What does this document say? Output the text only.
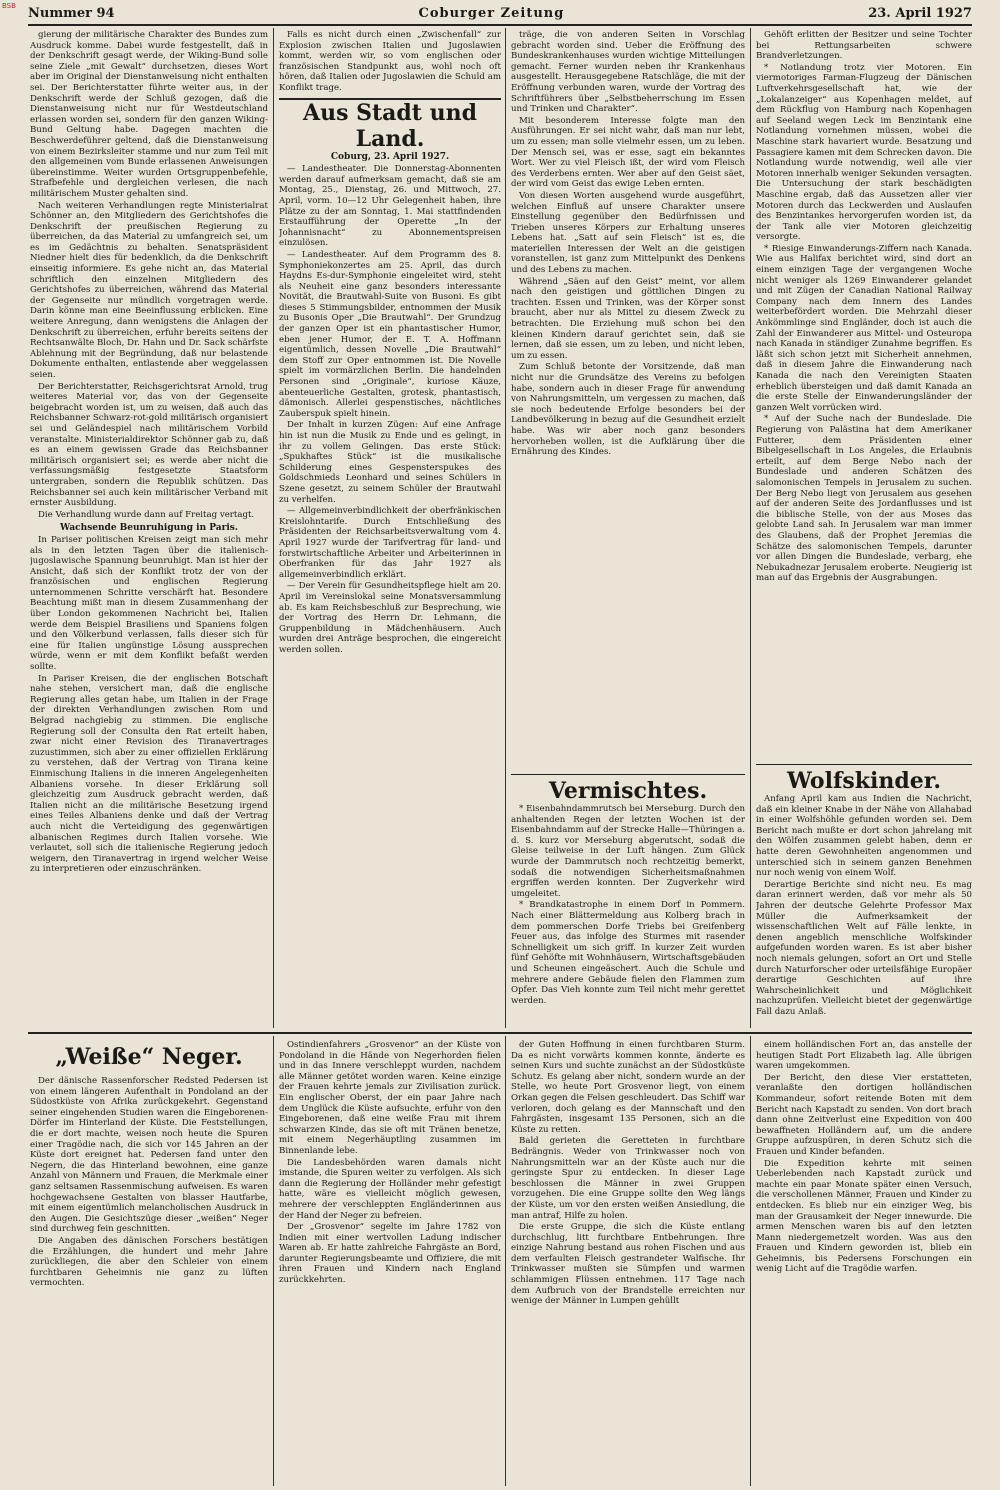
BSB Nummer 94	Coburger Zeitung	23. April 1927

gierung der militärische Charakter des Bundes zum Ausdruck komme. Dabei wurde festgestellt, daß in der Denkschrift gesagt werde, der Wiking-Bund solle seine Ziele „mit Gewalt“ durchsetzen, dieses Wort aber im Original der Dienstanweisung nicht enthalten sei. Der Berichterstatter führte weiter aus, in der Denkschrift werde der Schluß gezogen, daß die Dienstanweisung nicht nur für Westdeutschland erlassen worden sei, sondern für den ganzen Wiking-Bund Geltung habe. Dagegen machten die Beschwerdeführer geltend, daß die Dienstanweisung von einem Bezirksleiter stamme und nur zum Teil mit den allgemeinen vom Bunde erlassenen Anweisungen übereinstimme. Weiter wurden Ortsgruppenbefehle, Strafbefehle und dergleichen verlesen, die nach militärischem Muster gehalten sind.

Nach weiteren Verhandlungen regte Ministerialrat Schönner an, den Mitgliedern des Gerichtshofes die Denkschrift der preußischen Regierung zu überreichen, da das Material zu umfangreich sei, um es im Gedächtnis zu behalten. Senatspräsident Niedner hielt dies für bedenklich, da die Denkschrift einseitig informiere. Es gehe nicht an, das Material schriftlich den einzelnen Mitgliedern des Gerichtshofes zu überreichen, während das Material der Gegenseite nur mündlich vorgetragen werde. Darin könne man eine Beeinflussung erblicken. Eine weitere Anregung, dann wenigstens die Anlagen der Denkschrift zu überreichen, erfuhr bereits seitens der Rechtsanwälte Bloch, Dr. Hahn und Dr. Sack schärfste Ablehnung mit der Begründung, daß nur belastende Dokumente enthalten, entlastende aber weggelassen seien.

Der Berichterstatter, Reichsgerichtsrat Arnold, trug weiteres Material vor, das von der Gegenseite beigebracht worden ist, um zu weisen, daß auch das Reichsbanner Schwarz-rot-gold militärisch organisiert sei und Geländespiel nach militärischem Vorbild veranstalte. Ministerialdirektor Schönner gab zu, daß es an einem gewissen Grade das Reichsbanner militärisch organisiert sei; es werde aber nicht die verfassungsmäßig festgesetzte Staatsform untergraben, sondern die Republik schützen. Das Reichsbanner sei auch kein militärischer Verband mit ernster Ausbildung.

Die Verhandlung wurde dann auf Freitag vertagt.

Wachsende Beunruhigung in Paris.

In Pariser politischen Kreisen zeigt man sich mehr als in den letzten Tagen über die italienisch-jugoslawische Spannung beunruhigt. Man ist hier der Ansicht, daß sich der Konflikt trotz der von der französischen und englischen Regierung unternommenen Schritte verschärft hat. Besondere Beachtung mißt man in diesem Zusammenhang der über London gekommenen Nachricht bei, Italien werde dem Beispiel Brasiliens und Spaniens folgen und den Völkerbund verlassen, falls dieser sich für eine für Italien ungünstige Lösung aussprechen würde, wenn er mit dem Konflikt befaßt werden sollte.

In Pariser Kreisen, die der englischen Botschaft nahe stehen, versichert man, daß die englische Regierung alles getan habe, um Italien in der Frage der direkten Verhandlungen zwischen Rom und Belgrad nachgiebig zu stimmen. Die englische Regierung soll der Consulta den Rat erteilt haben, zwar nicht einer Revision des Tiranavertrages zuzustimmen, sich aber zu einer offiziellen Erklärung zu verstehen, daß der Vertrag von Tirana keine Einmischung Italiens in die inneren Angelegenheiten Albaniens vorsehe. In dieser Erklärung soll gleichzeitig zum Ausdruck gebracht werden, daß Italien nicht an die militärische Besetzung irgend eines Teiles Albaniens denke und daß der Vertrag auch nicht die Verteidigung des gegenwärtigen albanischen Regimes durch Italien vorsehe. Wie verlautet, soll sich die italienische Regierung jedoch weigern, den Tiranavertrag in irgend welcher Weise zu interpretieren oder einzuschränken.

Falls es nicht durch einen „Zwischenfall“ zur Explosion zwischen Italien und Jugoslawien kommt, werden wir, so vom englischen oder französischen Standpunkt aus, wohl noch oft hören, daß Italien oder Jugoslawien die Schuld am Konflikt trage.

Aus Stadt und Land.
Coburg, 23. April 1927.

— Landestheater. Die Donnerstag-Abonnenten werden darauf aufmerksam gemacht, daß sie am Montag, 25., Dienstag, 26. und Mittwoch, 27. April, vorm. 10—12 Uhr Gelegenheit haben, ihre Plätze zu der am Sonntag, 1. Mai stattfindenden Erstaufführung der Operette „In der Johannisnacht“ zu Abonnementspreisen einzulösen.

— Landestheater. Auf dem Programm des 8. Symphoniekonzertes am 25. April, das durch Haydns Es-dur-Symphonie eingeleitet wird, steht als Neuheit eine ganz besonders interessante Novität, die Brautwahl-Suite von Busoni. Es gibt dieses 5 Stimmungsbilder, entnommen der Musik zu Busonis Oper „Die Brautwahl“. Der Grundzug der ganzen Oper ist ein phantastischer Humor, eben jener Humor, der E. T. A. Hoffmann eigentümlich, dessen Novelle „Die Brautwahl“ dem Stoff zur Oper entnommen ist. Die Novelle spielt im vormärzlichen Berlin. Die handelnden Personen sind „Originale“, kuriose Käuze, abenteuerliche Gestalten, grotesk, phantastisch, dämonisch. Allerlei gespenstisches, nächtliches Zauberspuk spielt hinein.

Der Inhalt in kurzen Zügen: Auf eine Anfrage hin ist nun die Musik zu Ende und es gelingt, in ihr zu vollem Gelingen. Das erste Stück: „Spukhaftes Stück“ ist die musikalische Schilderung eines Gespensterspukes des Goldschmieds Leonhard und seines Schülers in Szene gesetzt, zu seinem Schüler der Brautwahl zu verhelfen.

— Allgemeinverbindlichkeit der oberfränkischen Kreislohntarife. Durch Entschließung des Präsidenten der Reichsarbeitsverwaltung vom 4. April 1927 wurde der Tarifvertrag für land- und forstwirtschaftliche Arbeiter und Arbeiterinnen in Oberfranken für das Jahr 1927 als allgemeinverbindlich erklärt.

— Der Verein für Gesundheitspflege hielt am 20. April im Vereinslokal seine Monatsversammlung ab. Es kam Reichsbeschluß zur Besprechung, wie der Vortrag des Herrn Dr. Lehmann, die Gruppenbildung in Mädchenhäusern. Auch wurden drei Anträge besprochen, die eingereicht werden sollen.

träge, die von anderen Seiten in Vorschlag gebracht worden sind. Ueber die Eröffnung des Bundeskrankenhauses wurden wichtige Mitteilungen gemacht. Ferner wurden neben ihr Krankenhaus ausgestellt. Herausgegebene Ratschläge, die mit der Eröffnung verbunden waren, wurde der Vortrag des Schriftführers über „Selbstbeherrschung im Essen und Trinken und Charakter“.

Mit besonderem Interesse folgte man den Ausführungen. Er sei nicht wahr, daß man nur lebt, um zu essen; man solle vielmehr essen, um zu leben. Der Mensch sei, was er esse, sagt ein bekanntes Wort. Wer zu viel Fleisch ißt, der wird vom Fleisch des Verderbens ernten. Wer aber auf den Geist säet, der wird vom Geist das ewige Leben ernten.

Von diesen Worten ausgehend wurde ausgeführt, welchen Einfluß auf unsere Charakter unsere Einstellung gegenüber den Bedürfnissen und Trieben unseres Körpers zur Erhaltung unseres Lebens hat. „Satt auf sein Fleisch“ ist es, die materiellen Interessen der Welt an die geistigen voranstellen, ist ganz zum Mittelpunkt des Denkens und des Lebens zu machen.

Während „Säen auf den Geist“ meint, vor allem nach den geistigen und göttlichen Dingen zu trachten. Essen und Trinken, was der Körper sonst braucht, aber nur als Mittel zu diesem Zweck zu betrachten. Die Erziehung muß schon bei den kleinen Kindern darauf gerichtet sein, daß sie lernen, daß sie essen, um zu leben, und nicht leben, um zu essen.

Zum Schluß betonte der Vorsitzende, daß man nicht nur die Grundsätze des Vereins zu befolgen habe, sondern auch in dieser Frage für anwendung von Nahrungsmitteln, um vergessen zu machen, daß sie noch bedeutende Erfolge besonders bei der Landbevölkerung in bezug auf die Gesundheit erzielt habe. Was wir aber noch ganz besonders hervorheben wollen, ist die Aufklärung über die Ernährung des Kindes.

Vermischtes.

* Eisenbahndammrutsch bei Merseburg. Durch den anhaltenden Regen der letzten Wochen ist der Eisenbahndamm auf der Strecke Halle—Thüringen a. d. S. kurz vor Merseburg abgerutscht, sodaß die Gleise teilweise in der Luft hängen. Zum Glück wurde der Dammrutsch noch rechtzeitig bemerkt, sodaß die notwendigen Sicherheitsmaßnahmen ergriffen werden konnten. Der Zugverkehr wird umgeleitet.

* Brandkatastrophe in einem Dorf in Pommern. Nach einer Blättermeldung aus Kolberg brach in dem pommerschen Dorfe Triebs bei Greifenberg Feuer aus, das infolge des Sturmes mit rasender Schnelligkeit um sich griff. In kurzer Zeit wurden fünf Gehöfte mit Wohnhäusern, Wirtschaftsgebäuden und Scheunen eingeäschert. Auch die Schule und mehrere andere Gebäude fielen den Flammen zum Opfer. Das Vieh konnte zum Teil nicht mehr gerettet werden.

Gehöft erlitten der Besitzer und seine Tochter bei Rettungsarbeiten schwere Brandverletzungen.

* Notlandung trotz vier Motoren. Ein viermotoriges Farman-Flugzeug der Dänischen Luftverkehrsgesellschaft hat, wie der „Lokalanzeiger“ aus Kopenhagen meldet, auf dem Rückflug von Hamburg nach Kopenhagen auf Seeland wegen Leck im Benzintank eine Notlandung vornehmen müssen, wobei die Maschine stark havariert wurde. Besatzung und Passagiere kamen mit dem Schrecken davon. Die Notlandung wurde notwendig, weil alle vier Motoren innerhalb weniger Sekunden versagten. Die Untersuchung der stark beschädigten Maschine ergab, daß das Aussetzen aller vier Motoren durch das Leckwerden und Auslaufen des Benzintankes hervorgerufen worden ist, da der Tank alle vier Motoren gleichzeitig versorgte.

* Riesige Einwanderungs-Ziffern nach Kanada. Wie aus Halifax berichtet wird, sind dort an einem einzigen Tage der vergangenen Woche nicht weniger als 1269 Einwanderer gelandet und mit Zügen der Canadian National Railway Company nach dem Innern des Landes weiterbefördert worden. Die Mehrzahl dieser Ankömmlinge sind Engländer, doch ist auch die Zahl der Einwanderer aus Mittel- und Osteuropa nach Kanada in ständiger Zunahme begriffen. Es läßt sich schon jetzt mit Sicherheit annehmen, daß in diesem Jahre die Einwanderung nach Kanada die nach den Vereinigten Staaten erheblich übersteigen und daß damit Kanada an die erste Stelle der Einwanderungsländer der ganzen Welt vorrücken wird.

* Auf der Suche nach der Bundeslade. Die Regierung von Palästina hat dem Amerikaner Futterer, dem Präsidenten einer Bibelgesellschaft in Los Angeles, die Erlaubnis erteilt, auf dem Berge Nebo nach der Bundeslade und anderen Schätzen des salomonischen Tempels in Jerusalem zu suchen. Der Berg Nebo liegt von Jerusalem aus gesehen auf der anderen Seite des Jordanflusses und ist die biblische Stelle, von der aus Moses das gelobte Land sah. In Jerusalem war man immer des Glaubens, daß der Prophet Jeremias die Schätze des salomonischen Tempels, darunter vor allen Dingen die Bundeslade, verbarg, ehe Nebukadnezar Jerusalem eroberte. Neugierig ist man auf das Ergebnis der Ausgrabungen.

Wolfskinder.

Anfang April kam aus Indien die Nachricht, daß ein kleiner Knabe in der Nähe von Allahabad in einer Wolfshöhle gefunden worden sei. Dem Bericht nach mußte er dort schon jahrelang mit den Wölfen zusammen gelebt haben, denn er hatte deren Gewohnheiten angenommen und unterschied sich in seinem ganzen Benehmen nur noch wenig von einem Wolf.

Derartige Berichte sind nicht neu. Es mag daran erinnert werden, daß vor mehr als 50 Jahren der deutsche Gelehrte Professor Max Müller die Aufmerksamkeit der wissenschaftlichen Welt auf Fälle lenkte, in denen angeblich menschliche Wolfskinder aufgefunden worden waren. Es ist aber bisher noch niemals gelungen, sofort an Ort und Stelle durch Naturforscher oder urteilsfähige Europäer derartige Geschichten auf ihre Wahrscheinlichkeit und Möglichkeit nachzuprüfen. Vielleicht bietet der gegenwärtige Fall dazu Anlaß.

„Weiße“ Neger.

Der dänische Rassenforscher Redsted Pedersen ist von einem längeren Aufenthalt in Pondoland an der Südostküste von Afrika zurückgekehrt. Gegenstand seiner eingehenden Studien waren die Eingeborenen-Dörfer im Hinterland der Küste. Die Feststellungen, die er dort machte, weisen noch heute die Spuren einer Tragödie nach, die sich vor 145 Jahren an der Küste dort ereignet hat. Pedersen fand unter den Negern, die das Hinterland bewohnen, eine ganze Anzahl von Männern und Frauen, die Merkmale einer ganz seltsamen Rassenmischung aufweisen. Es waren hochgewachsene Gestalten von blasser Hautfarbe, mit einem eigentümlich melancholischen Ausdruck in den Augen. Die Gesichtszüge dieser „weißen“ Neger sind durchweg fein geschnitten.

Die Angaben des dänischen Forschers bestätigen die Erzählungen, die hundert und mehr Jahre zurückliegen, die aber den Schleier von einem furchtbaren Geheimnis nie ganz zu lüften vermochten.

Ostindienfahrers „Grosvenor“ an der Küste von Pondoland in die Hände von Negerhorden fielen und in das Innere verschleppt wurden, nachdem alle Männer getötet worden waren. Keine einzige der Frauen kehrte jemals zur Zivilisation zurück. Ein englischer Oberst, der ein paar Jahre nach dem Unglück die Küste aufsuchte, erfuhr von den Eingeborenen, daß eine weiße Frau mit ihrem schwarzen Kinde, das sie oft mit Tränen benetze, mit einem Negerhäuptling zusammen im Binnenlande lebe.

Die Landesbehörden waren damals nicht imstande, die Spuren weiter zu verfolgen. Als sich dann die Regierung der Holländer mehr gefestigt hatte, wäre es vielleicht möglich gewesen, mehrere der verschleppten Engländerinnen aus der Hand der Neger zu befreien.

Der „Grosvenor“ segelte im Jahre 1782 von Indien mit einer wertvollen Ladung indischer Waren ab. Er hatte zahlreiche Fahrgäste an Bord, darunter Regierungsbeamte und Offiziere, die mit ihren Frauen und Kindern nach England zurückkehrten.

der Guten Hoffnung in einen furchtbaren Sturm. Da es nicht vorwärts kommen konnte, änderte es seinen Kurs und suchte zunächst an der Südostküste Schutz. Es gelang aber nicht, sondern wurde an der Stelle, wo heute Port Grosvenor liegt, von einem Orkan gegen die Felsen geschleudert. Das Schiff war verloren, doch gelang es der Mannschaft und den Fahrgästen, insgesamt 135 Personen, sich an die Küste zu retten.

Bald gerieten die Geretteten in furchtbare Bedrängnis. Weder von Trinkwasser noch von Nahrungsmitteln war an der Küste auch nur die geringste Spur zu entdecken. In dieser Lage beschlossen die Männer in zwei Gruppen vorzugehen. Die eine Gruppe sollte den Weg längs der Küste, um vor den ersten weißen Ansiedlung, die man antraf, Hilfe zu holen.

Die erste Gruppe, die sich die Küste entlang durchschlug, litt furchtbare Entbehrungen. Ihre einzige Nahrung bestand aus rohen Fischen und aus dem verfaulten Fleisch gestrandeter Walfische. Ihr Trinkwasser mußten sie Sümpfen und warmen schlammigen Flüssen entnehmen. 117 Tage nach dem Aufbruch von der Brandstelle erreichten nur wenige der Männer in Lumpen gehüllt

einem holländischen Fort an, das anstelle der heutigen Stadt Port Elizabeth lag. Alle übrigen waren umgekommen.

Der Bericht, den diese Vier erstatteten, veranlaßte den dortigen holländischen Kommandeur, sofort reitende Boten mit dem Bericht nach Kapstadt zu senden. Von dort brach dann ohne Zeitverlust eine Expedition von 400 bewaffneten Holländern auf, um die andere Gruppe aufzuspüren, in deren Schutz sich die Frauen und Kinder befanden.

Die Expedition kehrte mit seinen Ueberlebenden nach Kapstadt zurück und machte ein paar Monate später einen Versuch, die verschollenen Männer, Frauen und Kinder zu entdecken. Es blieb nur ein einziger Weg, bis man der Grausamkeit der Neger innewurde. Die armen Menschen waren bis auf den letzten Mann niedergemetzelt worden. Was aus den Frauen und Kindern geworden ist, blieb ein Geheimnis, bis Pedersens Forschungen ein wenig Licht auf die Tragödie warfen.
